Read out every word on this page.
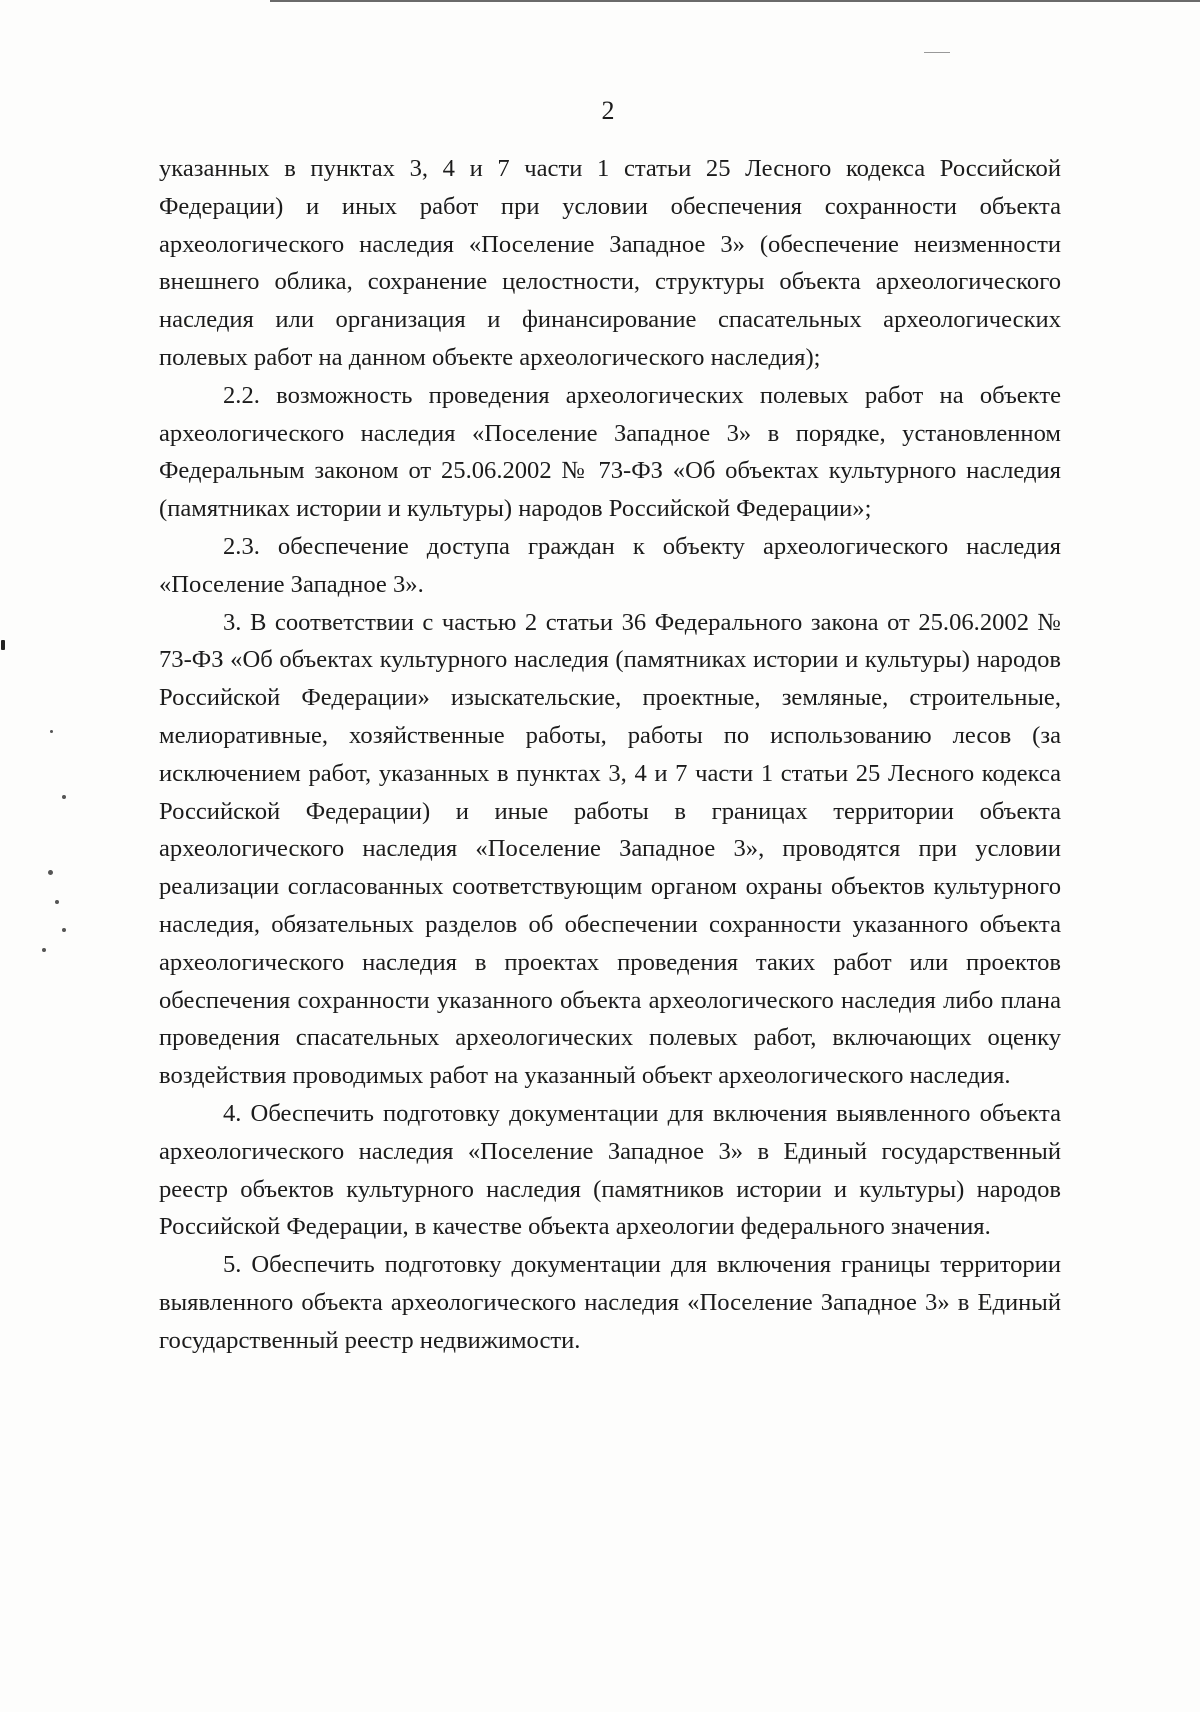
2

указанных в пунктах 3, 4 и 7 части 1 статьи 25 Лесного кодекса Российской Федерации) и иных работ при условии обеспечения сохранности объекта археологического наследия «Поселение Западное 3» (обеспечение неизменности внешнего облика, сохранение целостности, структуры объекта археологического наследия или организация и финансирование спасательных археологических полевых работ на данном объекте археологического наследия);

2.2. возможность проведения археологических полевых работ на объекте археологического наследия «Поселение Западное 3» в порядке, установленном Федеральным законом от 25.06.2002 № 73-ФЗ «Об объектах культурного наследия (памятниках истории и культуры) народов Российской Федерации»;

2.3. обеспечение доступа граждан к объекту археологического наследия «Поселение Западное 3».

3. В соответствии с частью 2 статьи 36 Федерального закона от 25.06.2002 № 73-ФЗ «Об объектах культурного наследия (памятниках истории и культуры) народов Российской Федерации» изыскательские, проектные, земляные, строительные, мелиоративные, хозяйственные работы, работы по использованию лесов (за исключением работ, указанных в пунктах 3, 4 и 7 части 1 статьи 25 Лесного кодекса Российской Федерации) и иные работы в границах территории объекта археологического наследия «Поселение Западное 3», проводятся при условии реализации согласованных соответствующим органом охраны объектов культурного наследия, обязательных разделов об обеспечении сохранности указанного объекта археологического наследия в проектах проведения таких работ или проектов обеспечения сохранности указанного объекта археологического наследия либо плана проведения спасательных археологических полевых работ, включающих оценку воздействия проводимых работ на указанный объект археологического наследия.

4. Обеспечить подготовку документации для включения выявленного объекта археологического наследия «Поселение Западное 3» в Единый государственный реестр объектов культурного наследия (памятников истории и культуры) народов Российской Федерации, в качестве объекта археологии федерального значения.

5. Обеспечить подготовку документации для включения границы территории выявленного объекта археологического наследия «Поселение Западное 3» в Единый государственный реестр недвижимости.
